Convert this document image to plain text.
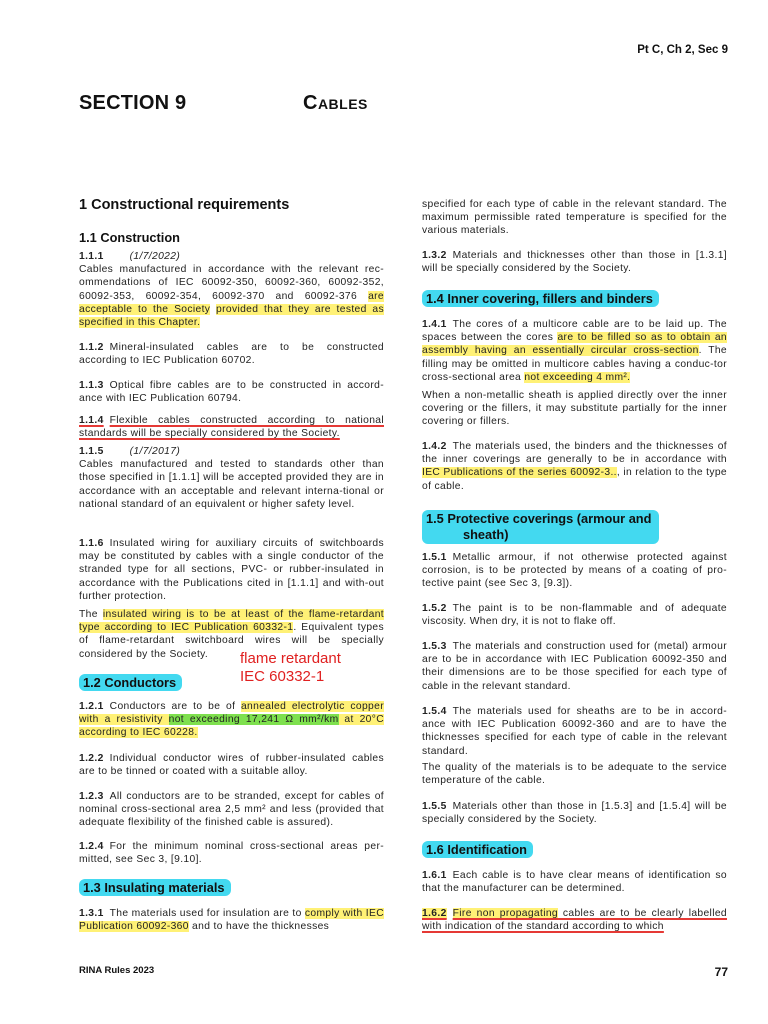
Pt C, Ch 2, Sec 9
SECTION 9	Cables
1 Constructional requirements
1.1 Construction
1.1.1	(1/7/2022)
Cables manufactured in accordance with the relevant rec-ommendations of IEC 60092-350, 60092-360, 60092-352, 60092-353, 60092-354, 60092-370 and 60092-376 are acceptable to the Society provided that they are tested as specified in this Chapter.
1.1.2 Mineral-insulated cables are to be constructed according to IEC Publication 60702.
1.1.3 Optical fibre cables are to be constructed in accord-ance with IEC Publication 60794.
1.1.4 Flexible cables constructed according to national standards will be specially considered by the Society.
1.1.5	(1/7/2017)
Cables manufactured and tested to standards other than those specified in [1.1.1] will be accepted provided they are in accordance with an acceptable and relevant interna-tional or national standard of an equivalent or higher safety level.
1.1.6 Insulated wiring for auxiliary circuits of switchboards may be constituted by cables with a single conductor of the stranded type for all sections, PVC- or rubber-insulated in accordance with the Publications cited in [1.1.1] and with-out further protection.
The insulated wiring is to be at least of the flame-retardant type according to IEC Publication 60332-1. Equivalent types of flame-retardant switchboard wires will be specially considered by the Society.	flame retardant
IEC 60332-1
1.2 Conductors
1.2.1 Conductors are to be of annealed electrolytic copper with a resistivity not exceeding 17,241 Ω mm²/km at 20°C according to IEC 60228.
1.2.2 Individual conductor wires of rubber-insulated cables are to be tinned or coated with a suitable alloy.
1.2.3 All conductors are to be stranded, except for cables of nominal cross-sectional area 2,5 mm² and less (provided that adequate flexibility of the finished cable is assured).
1.2.4 For the minimum nominal cross-sectional areas per-mitted, see Sec 3, [9.10].
1.3 Insulating materials
1.3.1 The materials used for insulation are to comply with IEC Publication 60092-360 and to have the thicknesses
specified for each type of cable in the relevant standard. The maximum permissible rated temperature is specified for the various materials.
1.3.2 Materials and thicknesses other than those in [1.3.1] will be specially considered by the Society.
1.4 Inner covering, fillers and binders
1.4.1 The cores of a multicore cable are to be laid up. The spaces between the cores are to be filled so as to obtain an assembly having an essentially circular cross-section. The filling may be omitted in multicore cables having a conduc-tor cross-sectional area not exceeding 4 mm².
When a non-metallic sheath is applied directly over the inner covering or the fillers, it may substitute partially for the inner covering or fillers.
1.4.2 The materials used, the binders and the thicknesses of the inner coverings are generally to be in accordance with IEC Publications of the series 60092-3.., in relation to the type of cable.
1.5 Protective coverings (armour and
sheath)
1.5.1 Metallic armour, if not otherwise protected against corrosion, is to be protected by means of a coating of pro-tective paint (see Sec 3, [9.3]).
1.5.2 The paint is to be non-flammable and of adequate viscosity. When dry, it is not to flake off.
1.5.3 The materials and construction used for (metal) armour are to be in accordance with IEC Publication 60092-350 and their dimensions are to be those specified for each type of cable in the relevant standard.
1.5.4 The materials used for sheaths are to be in accord-ance with IEC Publication 60092-360 and are to have the thicknesses specified for each type of cable in the relevant standard.
The quality of the materials is to be adequate to the service temperature of the cable.
1.5.5 Materials other than those in [1.5.3] and [1.5.4] will be specially considered by the Society.
1.6 Identification
1.6.1 Each cable is to have clear means of identification so that the manufacturer can be determined.
1.6.2 Fire non propagating cables are to be clearly labelled with indication of the standard according to which
RINA Rules 2023	77
